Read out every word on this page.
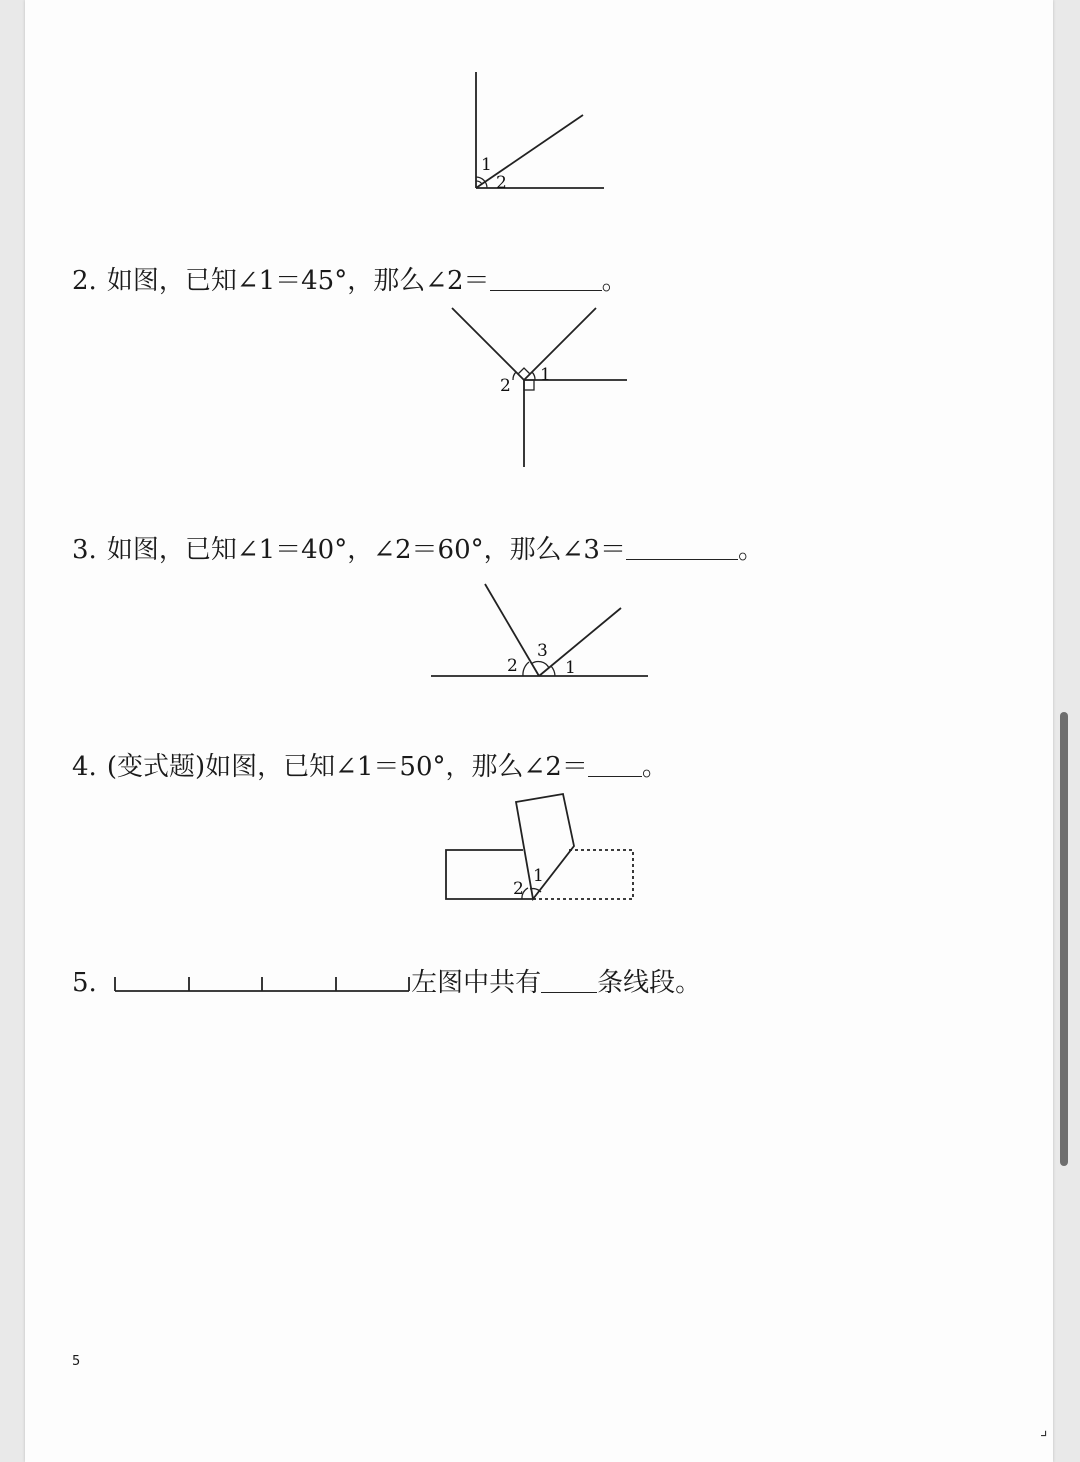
1
2
2. 如图，已知∠1＝45°，那么∠2＝	。
2
1
3. 如图，已知∠1＝40°，∠2＝60°，那么∠3＝	。
2
3
1
4. (变式题)如图，已知∠1＝50°，那么∠2＝ 。
2
1
5.	左图中共有 条线段。
5
⌟
